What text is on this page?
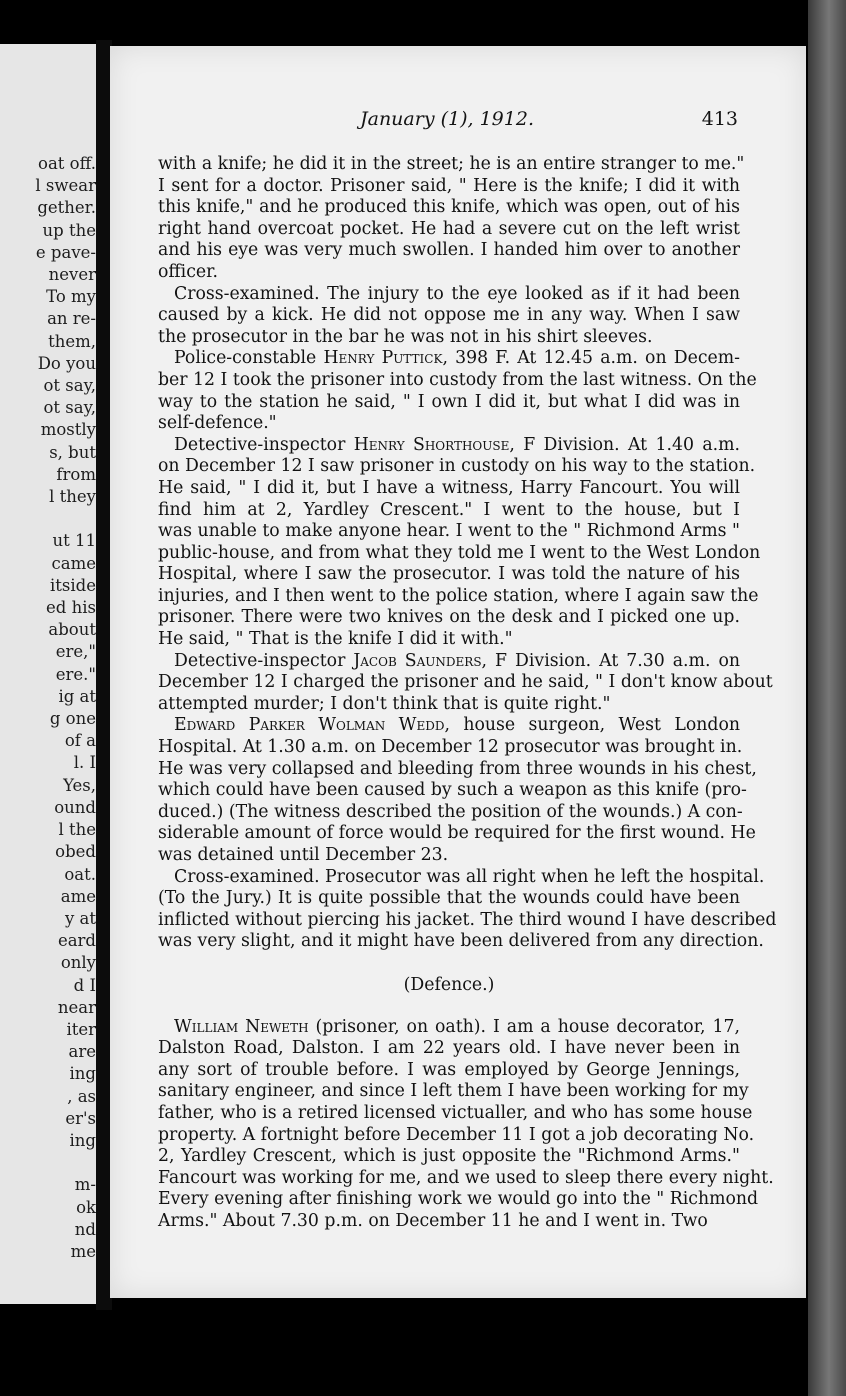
oat off.
l swear
gether.
up the
e pave-
never
To my
an re-
them,
Do you
ot say,
ot say,
mostly
s, but
from
l they

ut 11
came
itside
ed his
about
ere,"
ere."
ig at
g one
of a
l. I
Yes,
ound
l the
obed
oat.
ame
y at
eard
only
d I
near
iter
are
ing
, as
er's
ing

m-
ok
nd
me
January (1), 1912.	413
with a knife; he did it in the street; he is an entire stranger to me."
I sent for a doctor. Prisoner said, " Here is the knife; I did it with
this knife," and he produced this knife, which was open, out of his
right hand overcoat pocket. He had a severe cut on the left wrist
and his eye was very much swollen. I handed him over to another
officer.
Cross-examined. The injury to the eye looked as if it had been
caused by a kick. He did not oppose me in any way. When I saw
the prosecutor in the bar he was not in his shirt sleeves.
Police-constable Henry Puttick, 398 F. At 12.45 a.m. on Decem-
ber 12 I took the prisoner into custody from the last witness. On the
way to the station he said, " I own I did it, but what I did was in
self-defence."
Detective-inspector Henry Shorthouse, F Division. At 1.40 a.m.
on December 12 I saw prisoner in custody on his way to the station.
He said, " I did it, but I have a witness, Harry Fancourt. You will
find him at 2, Yardley Crescent." I went to the house, but I
was unable to make anyone hear. I went to the " Richmond Arms "
public-house, and from what they told me I went to the West London
Hospital, where I saw the prosecutor. I was told the nature of his
injuries, and I then went to the police station, where I again saw the
prisoner. There were two knives on the desk and I picked one up.
He said, " That is the knife I did it with."
Detective-inspector Jacob Saunders, F Division. At 7.30 a.m. on
December 12 I charged the prisoner and he said, " I don't know about
attempted murder; I don't think that is quite right."
Edward Parker Wolman Wedd, house surgeon, West London
Hospital. At 1.30 a.m. on December 12 prosecutor was brought in.
He was very collapsed and bleeding from three wounds in his chest,
which could have been caused by such a weapon as this knife (pro-
duced.) (The witness described the position of the wounds.) A con-
siderable amount of force would be required for the first wound. He
was detained until December 23.
Cross-examined. Prosecutor was all right when he left the hospital.
(To the Jury.) It is quite possible that the wounds could have been
inflicted without piercing his jacket. The third wound I have described
was very slight, and it might have been delivered from any direction.
(Defence.)
William Neweth (prisoner, on oath). I am a house decorator, 17,
Dalston Road, Dalston. I am 22 years old. I have never been in
any sort of trouble before. I was employed by George Jennings,
sanitary engineer, and since I left them I have been working for my
father, who is a retired licensed victualler, and who has some house
property. A fortnight before December 11 I got a job decorating No.
2, Yardley Crescent, which is just opposite the "Richmond Arms."
Fancourt was working for me, and we used to sleep there every night.
Every evening after finishing work we would go into the " Richmond
Arms." About 7.30 p.m. on December 11 he and I went in. Two
